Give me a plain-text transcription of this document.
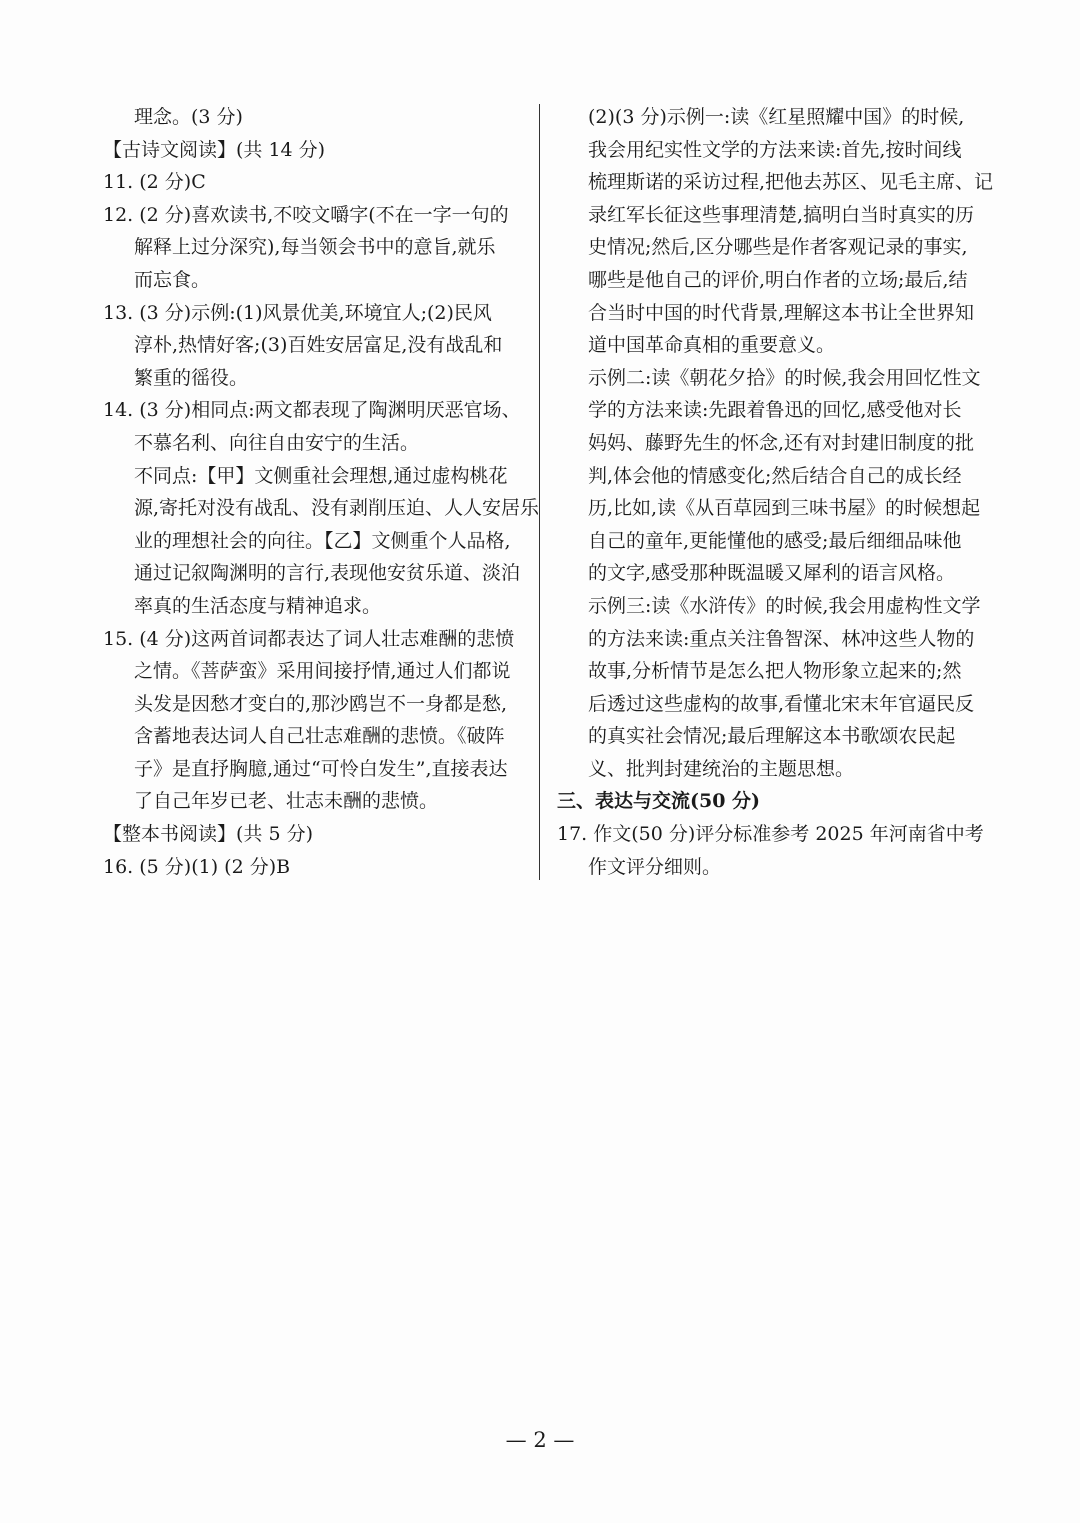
理念。(3 分)
【古诗文阅读】(共 14 分)
11. (2 分)C
12. (2 分)喜欢读书,不咬文嚼字(不在一字一句的
解释上过分深究),每当领会书中的意旨,就乐
而忘食。
13. (3 分)示例:(1)风景优美,环境宜人;(2)民风
淳朴,热情好客;(3)百姓安居富足,没有战乱和
繁重的徭役。
14. (3 分)相同点:两文都表现了陶渊明厌恶官场、
不慕名利、向往自由安宁的生活。
不同点:【甲】文侧重社会理想,通过虚构桃花
源,寄托对没有战乱、没有剥削压迫、人人安居乐
业的理想社会的向往。【乙】文侧重个人品格,
通过记叙陶渊明的言行,表现他安贫乐道、淡泊
率真的生活态度与精神追求。
15. (4 分)这两首词都表达了词人壮志难酬的悲愤
之情。《菩萨蛮》采用间接抒情,通过人们都说
头发是因愁才变白的,那沙鸥岂不一身都是愁,
含蓄地表达词人自己壮志难酬的悲愤。《破阵
子》是直抒胸臆,通过“可怜白发生”,直接表达
了自己年岁已老、壮志未酬的悲愤。
【整本书阅读】(共 5 分)
16. (5 分)(1) (2 分)B
(2)(3 分)示例一:读《红星照耀中国》的时候,
我会用纪实性文学的方法来读:首先,按时间线
梳理斯诺的采访过程,把他去苏区、见毛主席、记
录红军长征这些事理清楚,搞明白当时真实的历
史情况;然后,区分哪些是作者客观记录的事实,
哪些是他自己的评价,明白作者的立场;最后,结
合当时中国的时代背景,理解这本书让全世界知
道中国革命真相的重要意义。
示例二:读《朝花夕拾》的时候,我会用回忆性文
学的方法来读:先跟着鲁迅的回忆,感受他对长
妈妈、藤野先生的怀念,还有对封建旧制度的批
判,体会他的情感变化;然后结合自己的成长经
历,比如,读《从百草园到三味书屋》的时候想起
自己的童年,更能懂他的感受;最后细细品味他
的文字,感受那种既温暖又犀利的语言风格。
示例三:读《水浒传》的时候,我会用虚构性文学
的方法来读:重点关注鲁智深、林冲这些人物的
故事,分析情节是怎么把人物形象立起来的;然
后透过这些虚构的故事,看懂北宋末年官逼民反
的真实社会情况;最后理解这本书歌颂农民起
义、批判封建统治的主题思想。
三、表达与交流(50 分)
17. 作文(50 分)评分标准参考 2025 年河南省中考
作文评分细则。
— 2 —
